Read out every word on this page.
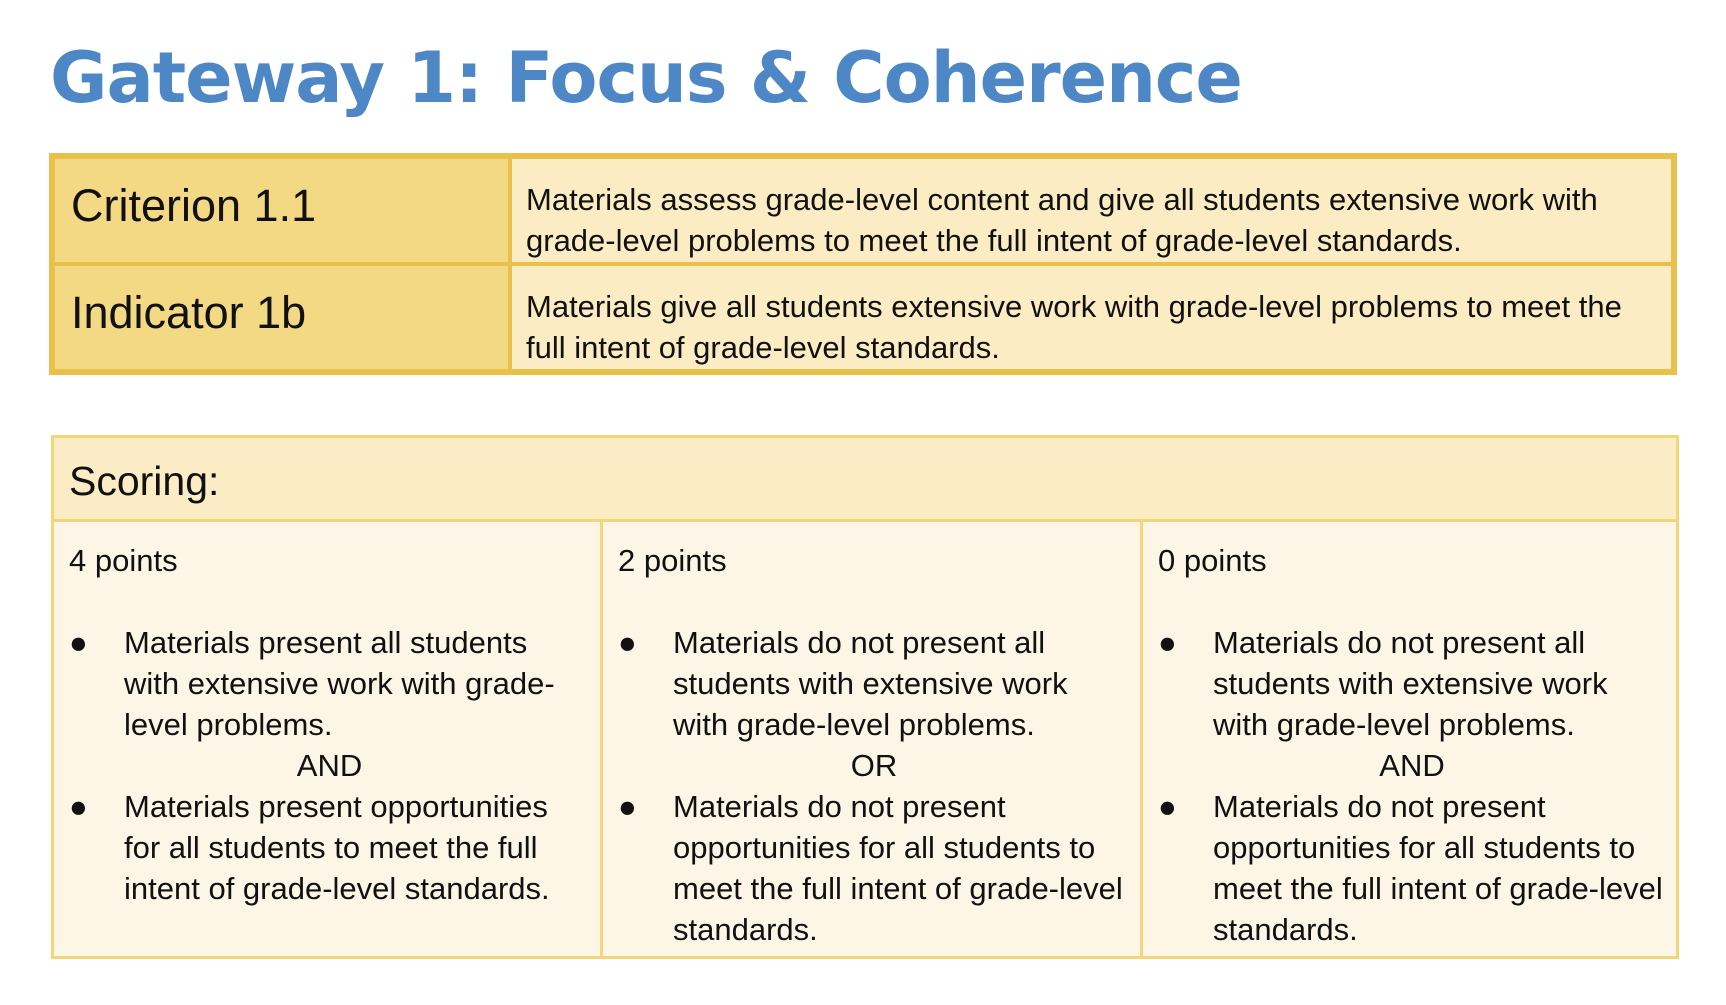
Gateway 1: Focus & Coherence
Criterion 1.1	Materials assess grade-level content and give all students extensive work with grade-level problems to meet the full intent of grade-level standards.
Indicator 1b	Materials give all students extensive work with grade-level problems to meet the full intent of grade-level standards.
Scoring:
4 points
●	Materials present all students with extensive work with grade-level problems.
AND
●	Materials present opportunities for all students to meet the full intent of grade-level standards.
2 points
●	Materials do not present all students with extensive work with grade-level problems.
OR
●	Materials do not present opportunities for all students to meet the full intent of grade-level standards.
0 points
●	Materials do not present all students with extensive work with grade-level problems.
AND
●	Materials do not present opportunities for all students to meet the full intent of grade-level standards.
